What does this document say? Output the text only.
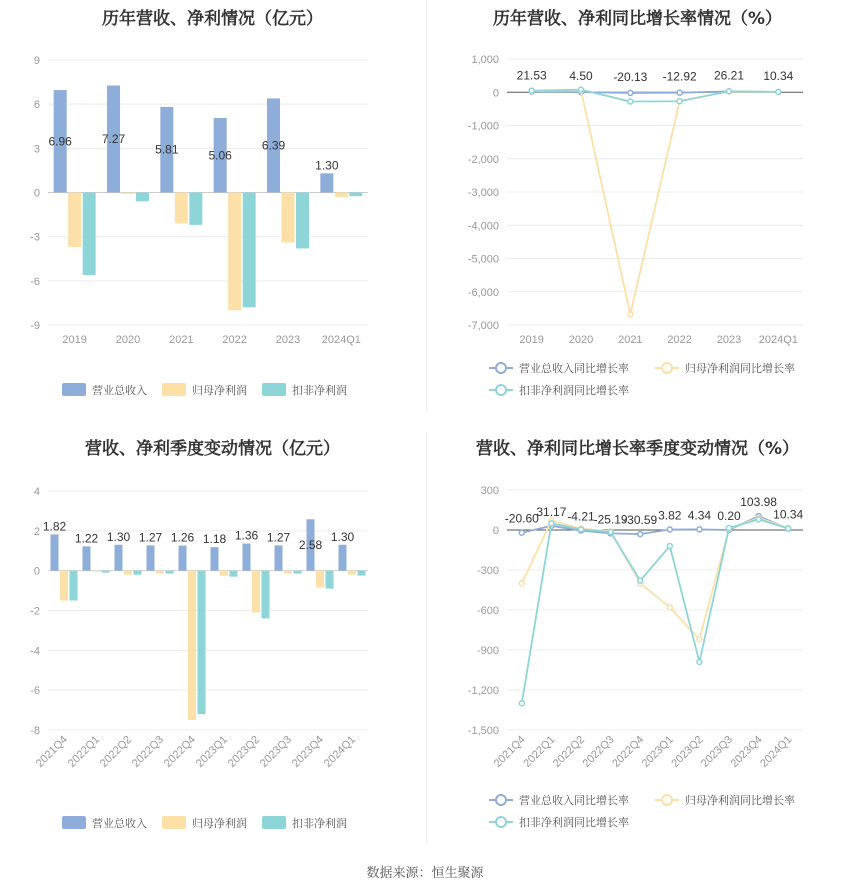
历年营收、净利情况（亿元）
9
6
3
0
-3
-6
-9
2019	2020	2021	2022	2023 2024Q1
6.96 7.27
5.81 5.06
6.39
1.30
营业总收入	归母净利润	扣非净利润
历年营收、净利同比增长率情况（%）
1,000
0
-1,000
-2,000
-3,000
-4,000
-5,000
-6,000
-7,000
2019 2020 2021 2022 2023 2024Q1
21.53 4.50 -20.13 -12.92 26.21 10.34
营业总收入同比增长率	归母净利润同比增长率
扣非净利润同比增长率
营收、净利季度变动情况（亿元）
4
2
0
-2
-4
-6
-8
2021Q4
2022Q1
2022Q2
2022Q3
2022Q4
2023Q1
2023Q2
2023Q3
2023Q4
2024Q1
1.82
1.22 1.30 1.27 1.26 1.18 1.36 1.27
2.58
1.30
营业总收入	归母净利润	扣非净利润
营收、净利同比增长率季度变动情况（%）
300
0
-300
-600
-900
-1,200
-1,500
2021Q4
2022Q1
2022Q2
2022Q3
2022Q4
2023Q1
2023Q2
2023Q3
2023Q4
2024Q1
-20.60
31.17 -4.21
-25.19
-30.59 3.82 4.34 0.20
103.98
10.34
营业总收入同比增长率	归母净利润同比增长率
扣非净利润同比增长率
数据来源：恒生聚源
